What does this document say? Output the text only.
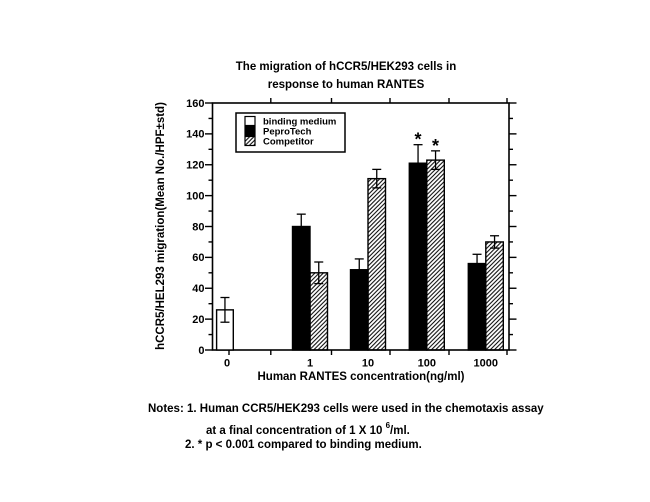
The migration of hCCR5/HEK293 cells in
response to human RANTES
hCCR5/HEL293 migration(Mean No./HPF±std)
0
20
40
60
80
100
120
140
160
0	1	10	100	1000
* *
binding medium
PeproTech
Competitor
Human RANTES concentration(ng/ml)
Notes: 1. Human CCR5/HEK293 cells were used in the chemotaxis assay
at a final concentration of 1 X 10 $^6$/ml.
2. * p < 0.001 compared to binding medium.
